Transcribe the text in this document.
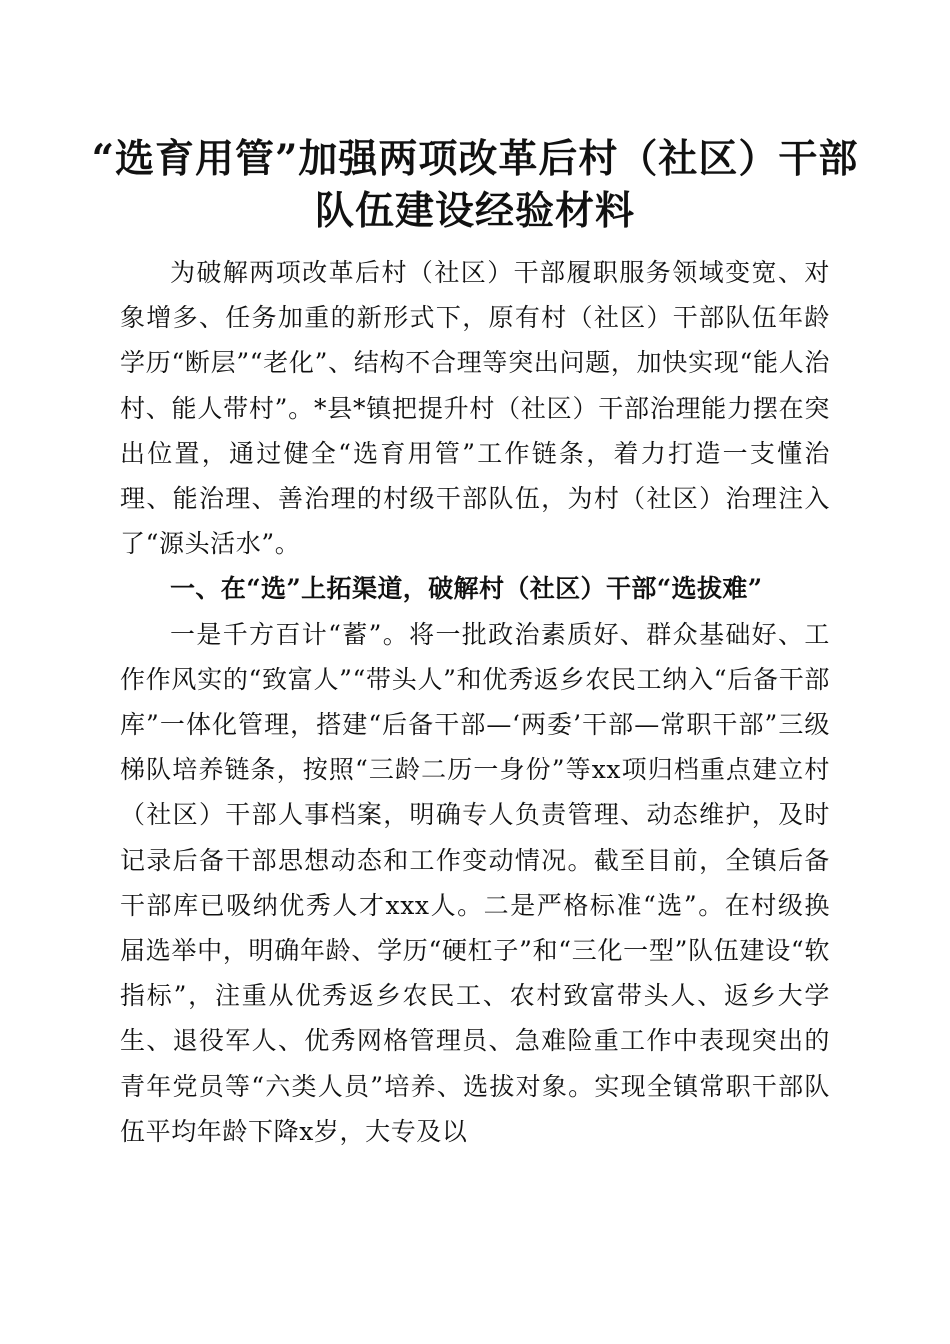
“选育用管”加强两项改革后村（社区）干部
队伍建设经验材料

为破解两项改革后村（社区）干部履职服务领域变宽、对象增多、任务加重的新形式下，原有村（社区）干部队伍年龄学历“断层”“老化”、结构不合理等突出问题，加快实现“能人治村、能人带村”。*县*镇把提升村（社区）干部治理能力摆在突出位置，通过健全“选育用管”工作链条，着力打造一支懂治理、能治理、善治理的村级干部队伍，为村（社区）治理注入了“源头活水”。

一、在“选”上拓渠道，破解村（社区）干部“选拔难”

一是千方百计“蓄”。将一批政治素质好、群众基础好、工作作风实的“致富人”“带头人”和优秀返乡农民工纳入“后备干部库”一体化管理，搭建“后备干部—‘两委’干部—常职干部”三级梯队培养链条，按照“三龄二历一身份”等xx项归档重点建立村（社区）干部人事档案，明确专人负责管理、动态维护，及时记录后备干部思想动态和工作变动情况。截至目前，全镇后备干部库已吸纳优秀人才xxx人。二是严格标准“选”。在村级换届选举中，明确年龄、学历“硬杠子”和“三化一型”队伍建设“软指标”，注重从优秀返乡农民工、农村致富带头人、返乡大学生、退役军人、优秀网格管理员、急难险重工作中表现突出的青年党员等“六类人员”培养、选拔对象。实现全镇常职干部队伍平均年龄下降x岁，大专及以
